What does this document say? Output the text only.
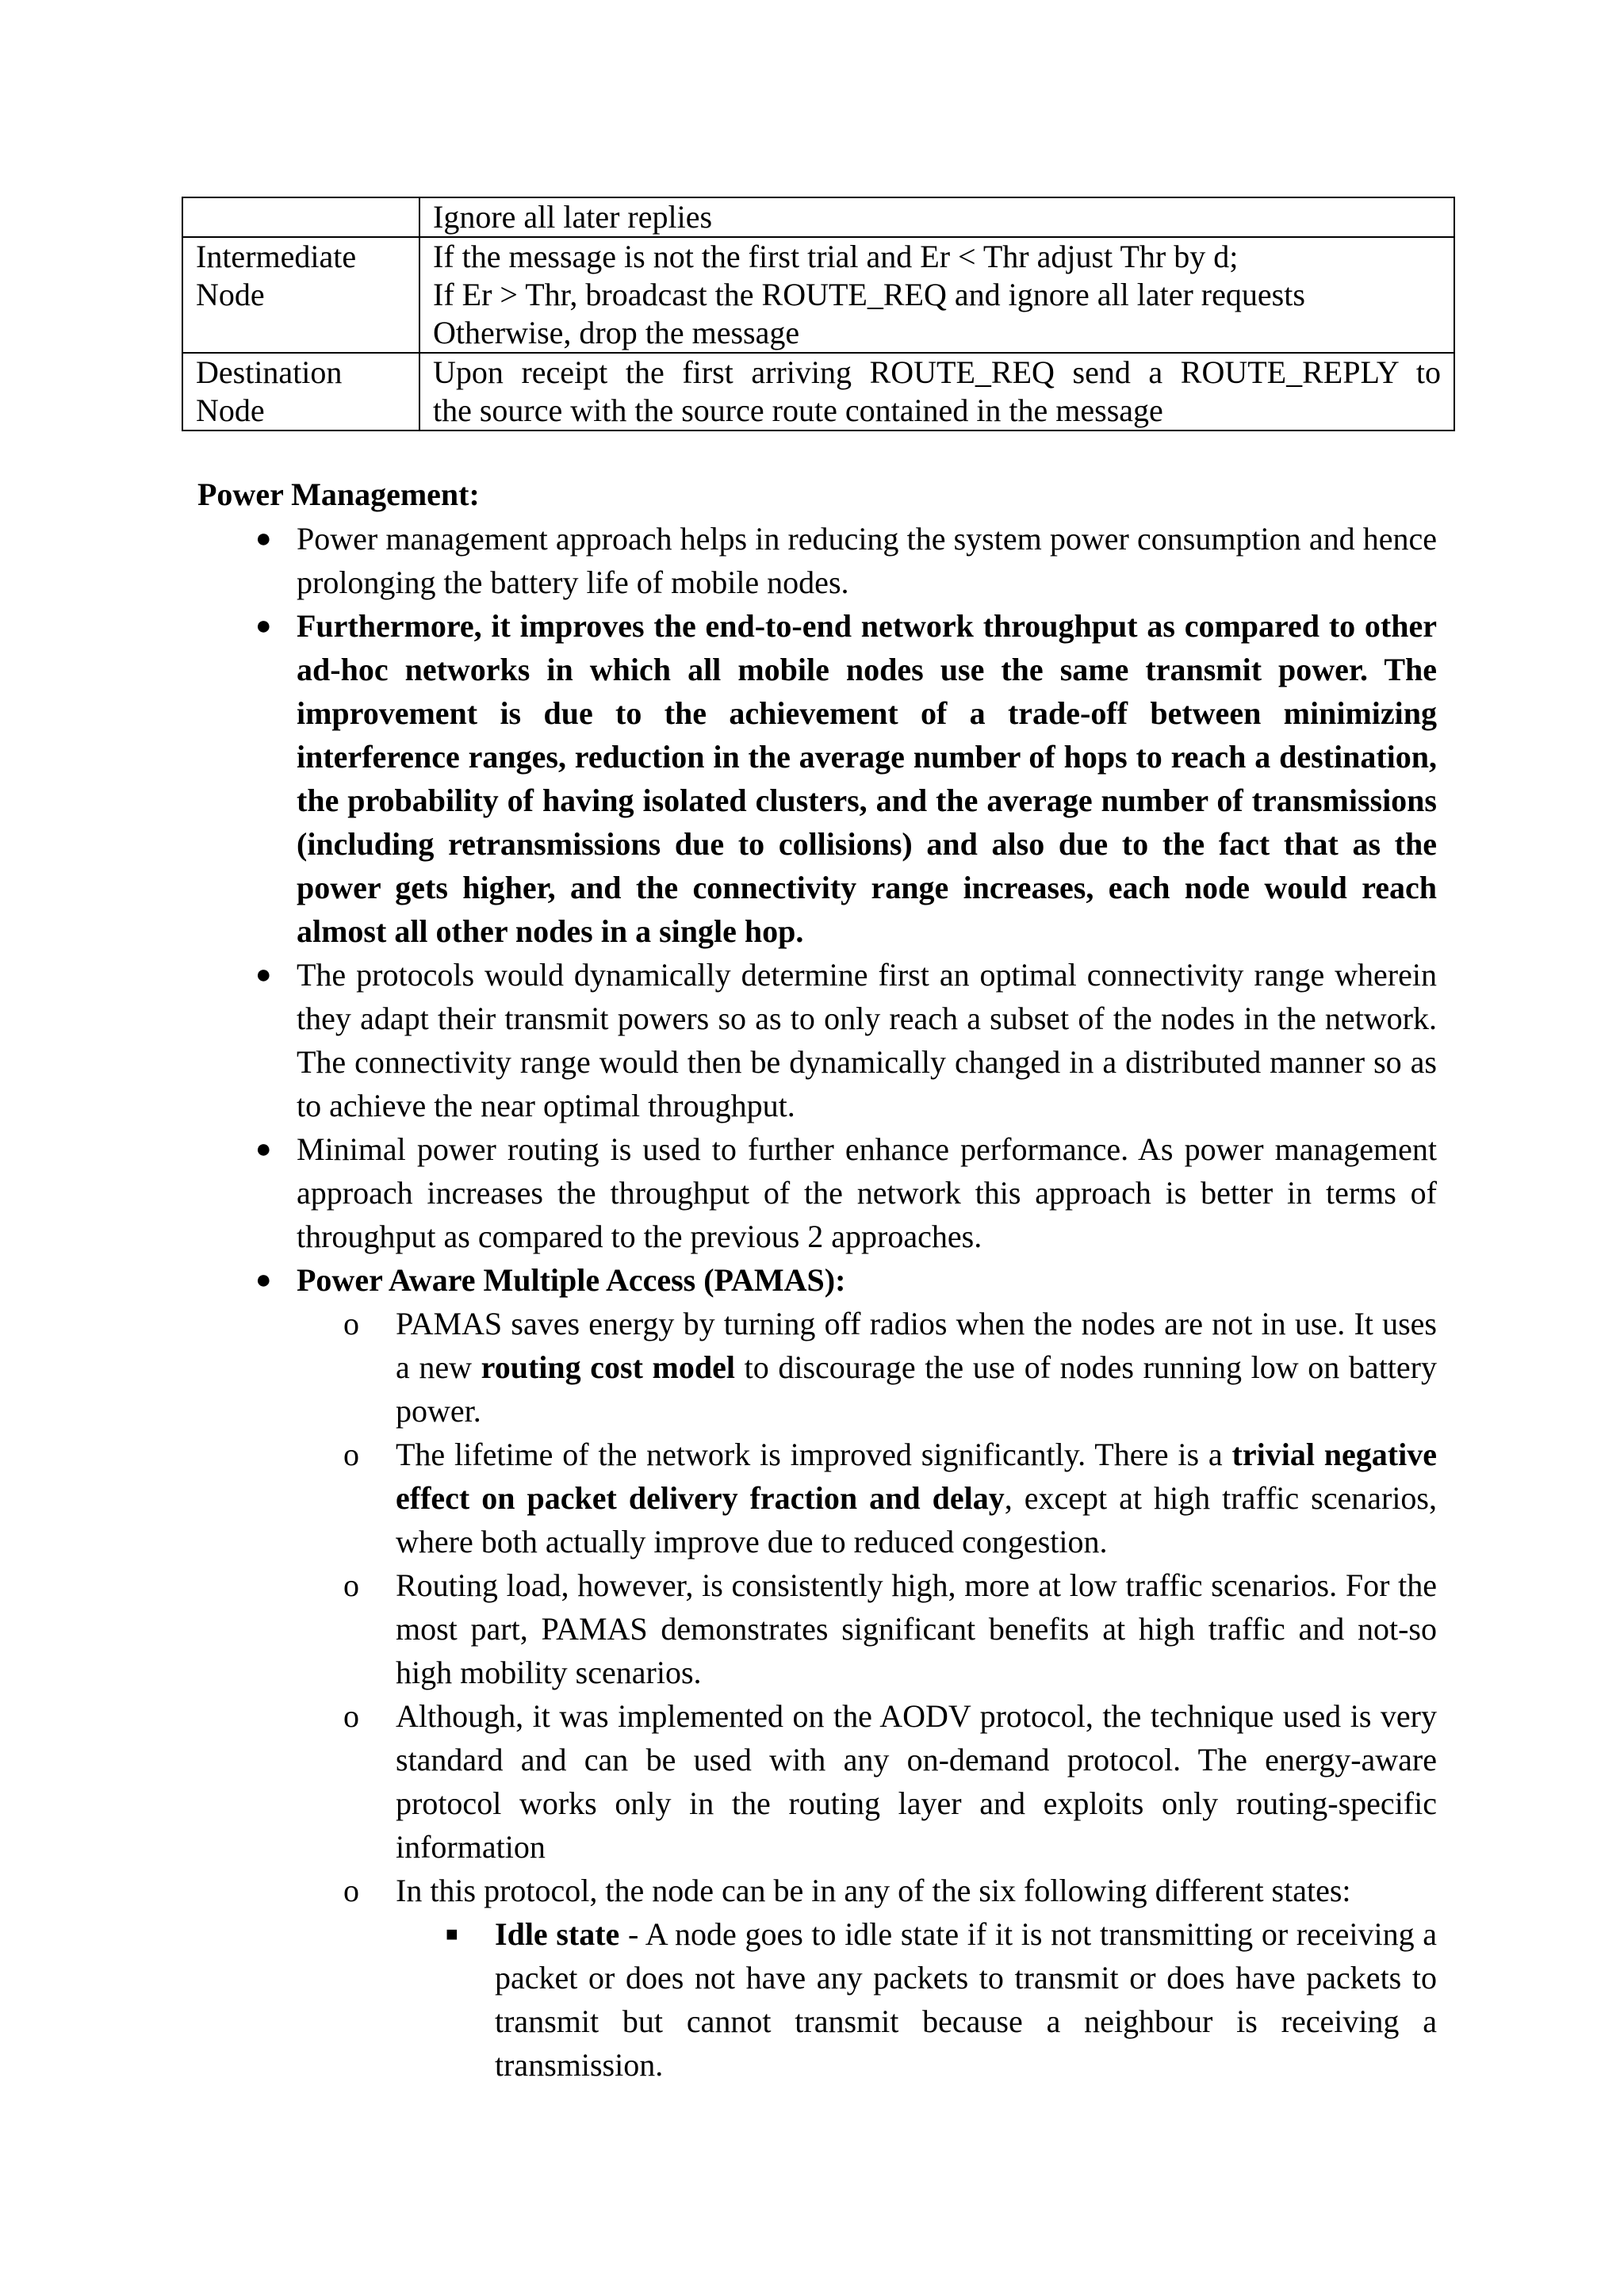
	Ignore all later replies

Intermediate
Node	If the message is not the first trial and Er < Thr adjust Thr by d;
If Er > Thr, broadcast the ROUTE_REQ and ignore all later requests
Otherwise, drop the message

Destination
Node	Upon receipt the first arriving ROUTE_REQ send a ROUTE_REPLY to
the source with the source route contained in the message
Power Management:
● Power management approach helps in reducing the system power consumption and hence prolonging the battery life of mobile nodes.
● Furthermore, it improves the end-to-end network throughput as compared to other ad-hoc networks in which all mobile nodes use the same transmit power. The improvement is due to the achievement of a trade-off between minimizing interference ranges, reduction in the average number of hops to reach a destination, the probability of having isolated clusters, and the average number of transmissions (including retransmissions due to collisions) and also due to the fact that as the power gets higher, and the connectivity range increases, each node would reach almost all other nodes in a single hop.
● The protocols would dynamically determine first an optimal connectivity range wherein they adapt their transmit powers so as to only reach a subset of the nodes in the network. The connectivity range would then be dynamically changed in a distributed manner so as to achieve the near optimal throughput.
● Minimal power routing is used to further enhance performance. As power management approach increases the throughput of the network this approach is better in terms of throughput as compared to the previous 2 approaches.
● Power Aware Multiple Access (PAMAS):
o PAMAS saves energy by turning off radios when the nodes are not in use. It uses a new routing cost model to discourage the use of nodes running low on battery power.
o The lifetime of the network is improved significantly. There is a trivial negative effect on packet delivery fraction and delay, except at high traffic scenarios, where both actually improve due to reduced congestion.
o Routing load, however, is consistently high, more at low traffic scenarios. For the most part, PAMAS demonstrates significant benefits at high traffic and not-so high mobility scenarios.
o Although, it was implemented on the AODV protocol, the technique used is very standard and can be used with any on-demand protocol. The energy-aware protocol works only in the routing layer and exploits only routing-specific information
o In this protocol, the node can be in any of the six following different states:
■ Idle state - A node goes to idle state if it is not transmitting or receiving a packet or does not have any packets to transmit or does have packets to transmit but cannot transmit because a neighbour is receiving a transmission.
